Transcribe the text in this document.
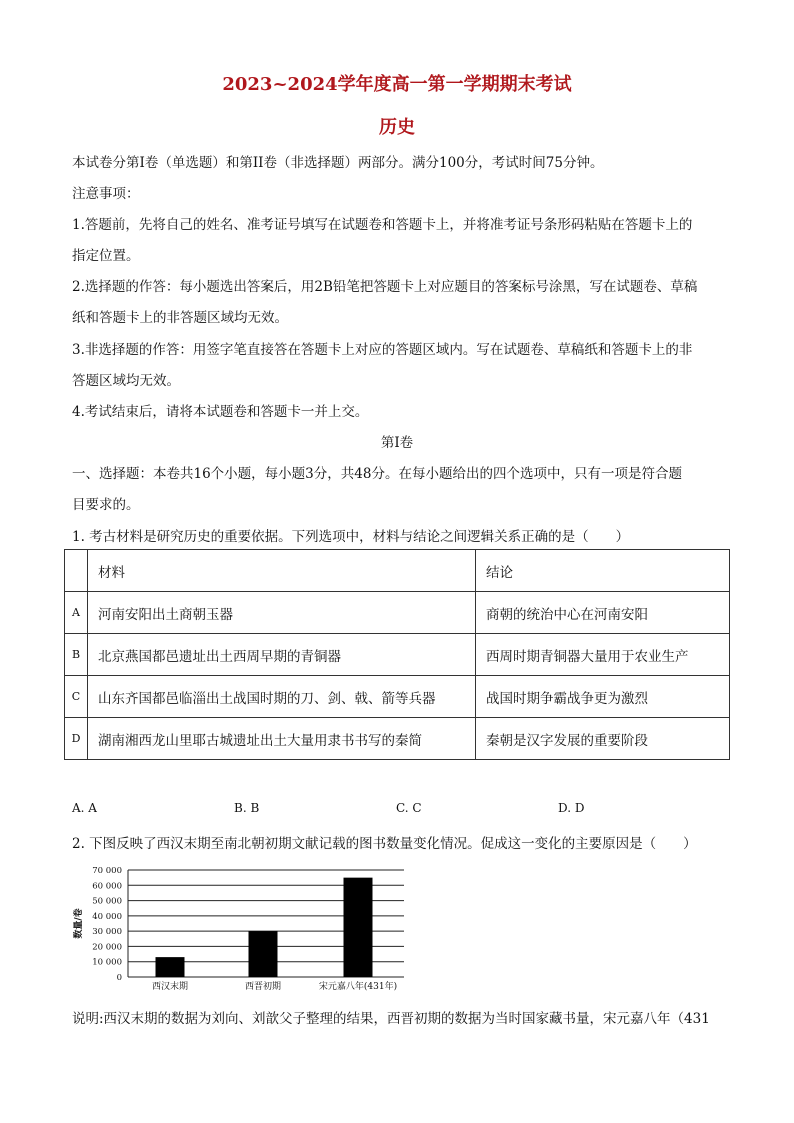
2023~2024学年度高一第一学期期末考试
历史
本试卷分第I卷（单选题）和第II卷（非选择题）两部分。满分100分，考试时间75分钟。
注意事项：
1.答题前，先将自己的姓名、准考证号填写在试题卷和答题卡上，并将准考证号条形码粘贴在答题卡上的
指定位置。
2.选择题的作答：每小题选出答案后，用2B铅笔把答题卡上对应题目的答案标号涂黑，写在试题卷、草稿
纸和答题卡上的非答题区域均无效。
3.非选择题的作答：用签字笔直接答在答题卡上对应的答题区域内。写在试题卷、草稿纸和答题卡上的非
答题区域均无效。
4.考试结束后，请将本试题卷和答题卡一并上交。
第I卷
一、选择题：本卷共16个小题，每小题3分，共48分。在每小题给出的四个选项中，只有一项是符合题
目要求的。
1. 考古材料是研究历史的重要依据。下列选项中，材料与结论之间逻辑关系正确的是（　　）
	材料	结论
A	河南安阳出土商朝玉器	商朝的统治中心在河南安阳
B	北京燕国都邑遗址出土西周早期的青铜器	西周时期青铜器大量用于农业生产
C	山东齐国都邑临淄出土战国时期的刀、剑、戟、箭等兵器	战国时期争霸战争更为激烈
D	湖南湘西龙山里耶古城遗址出土大量用隶书书写的秦简	秦朝是汉字发展的重要阶段
A. A	B. B	C. C	D. D
2. 下图反映了西汉末期至南北朝初期文献记载的图书数量变化情况。促成这一变化的主要原因是（　　）
0
10 000
20 000
30 000
40 000
50 000
60 000
70 000
数量/卷
西汉末期	西晋初期	宋元嘉八年(431年)
说明:西汉末期的数据为刘向、刘歆父子整理的结果，西晋初期的数据为当时国家藏书量，宋元嘉八年（431
